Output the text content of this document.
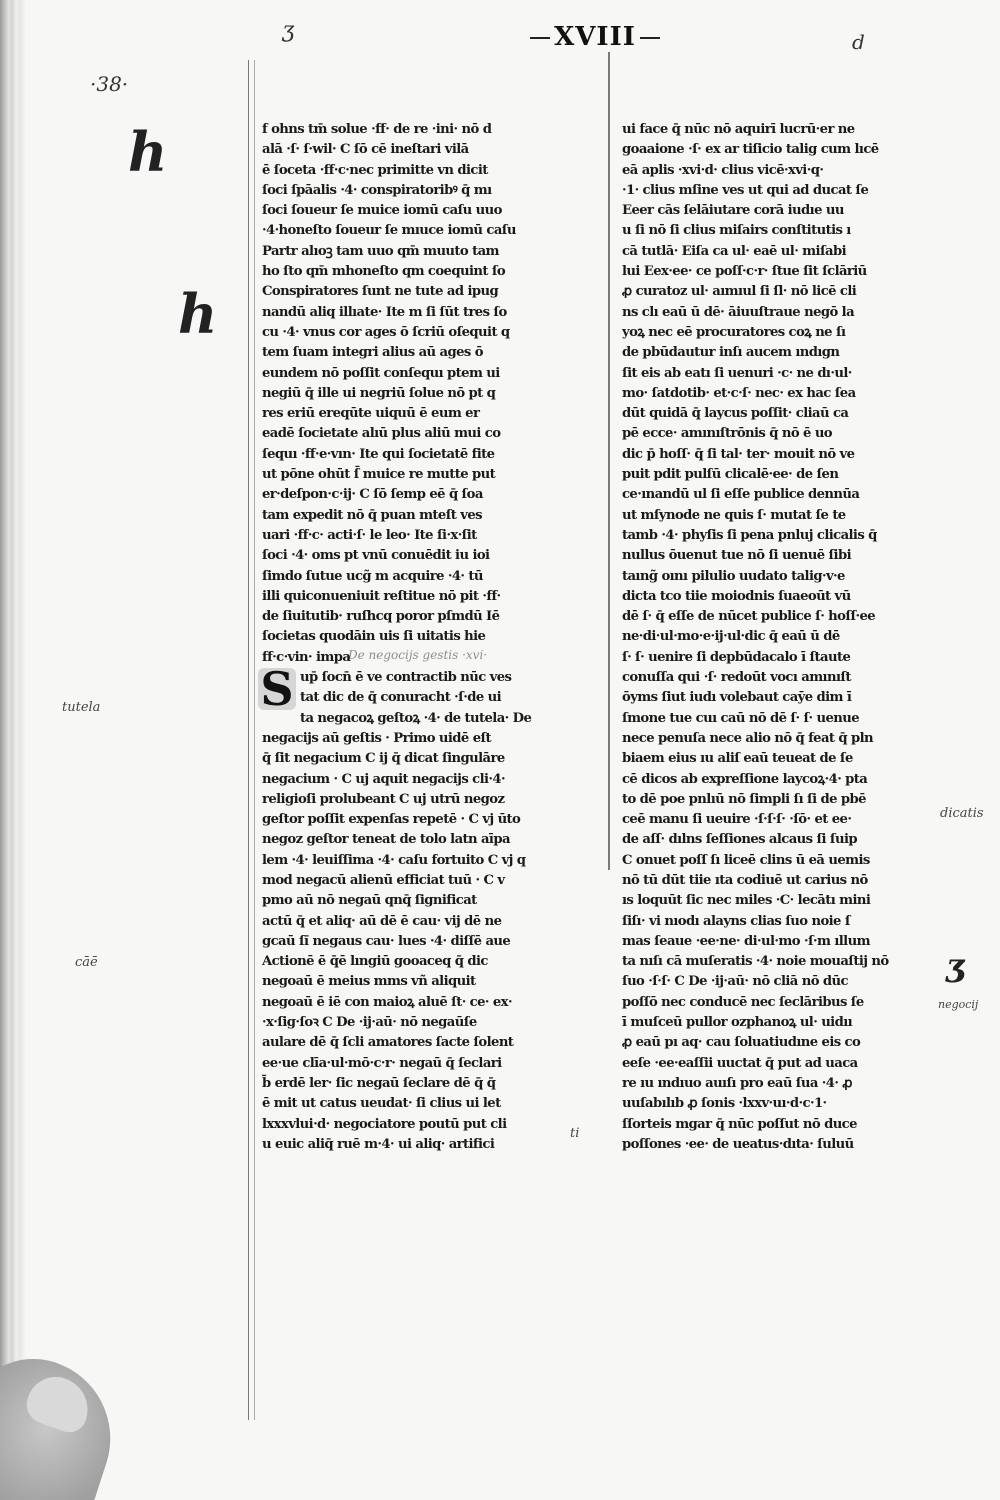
·38·
XVIII
ʒ	d
h
h
tutela
cāē
dicatis
ʒ
negocij
ti
De negocijs gestis ·xvi·
S
f ohns tm̄ solue ·ff· de re ·ini· nō d
alā ·ſ· ſ·wil· C ſō cē ineſtari vilā
ē ſoceta ·ff·c·nec primitte vn dicit
ſoci ſpāalis ·4· conspiratoribꝰ q̄ mı
ſoci ſoueur ſe muice iomū caſu uuo
·4·honeſto ſoueur ſe mıuce iomū caſu
Partr alıoꝫ tam uuo qm̄ muuto tam
ho ſto qm̄ mhoneſto qm coequint ſo
Conspiratores ſunt ne tute ad ipug
nandū aliq illıate· Ite m ſi ſūt tres ſo
cu ·4· vnus cor ages ō ſcriū oſequit q
tem ſuam integri alius aū ages ō
eundem nō poſſit conſequı ptem ui
negiū q̄ ille ui negriū ſolue nō pt q
res eriū ereqūte uiquū ē eum er
eadē ſocietate alıū plus aliū mui co
ſequı ·ff·e·vın· Ite qui ſocietatē fite
ut pōne ohūt ſ̄ muice re mutte put
er·deſpon·c·ij· C ſō ſemp eē q̄ ſoa
tam expedit nō q̄ puan mteſt ves
uari ·ff·c· acti·ſ· le leo· Ite ſi·x·ſit
ſoci ·4· oms pt vnū conuēdit iu ioi
ſimdo ſutue ucg̃ m acquire ·4· tū
illi quiconueniuit reſtitue nō pit ·ff·
de ſiuitutib· ruſhcq poror pſmdū Iē
ſocietas quodāin uis ſi uitatis hie
ff·c·vin· impa
up̄ ſocn̄ ē ve contractib nūc ves
tat dic de q̄ conuracht ·ſ·de ui
ta negacoꝝ geſtoꝝ ·4· de tutela· De
negacijs aū geſtis · Primo uidē eſt
q̄ ſit negacium C ij q̄ dicat ſingulāre
negacium · C uj aquit negacijs cli·4·
religioſi prolubeant C uj utrū negoz
geſtor poſſit expenſas repetē · C vj ūto
negoz geſtor teneat de tolo latn aīpa
lem ·4· leuiſſima ·4· caſu fortuito C vj q
mod negacū alienū efficiat tuū · C v
pmo aū nō negaū qnq̄ ſignificat
actū q̄ et aliq· aū dē ē cau· vij dē ne
gcaū ſı̄ negaus cau· lues ·4· diſſē aue
Actionē ē q̄ē lıngiū gooaceq q̄ dic
negoaū ē meius mms vñ aliquit
negoaū ē iē con maioꝝ aluē ſt· ce· ex·
·x·ſig·ſoꝛ C De ·ij·aū· nō negaūſe
aulare dē q̄ ſcli amatores ſacte ſolent
ee·ue clīa·ul·mō·c·r· negaū q̄ ſeclari
b̄ erdē ler· ſic negaū ſeclare dē q̄ q̄
ē mit ut catus ueudat· ſi clius ui let
lxxxvlui·d· negociatore poutū put cli
u euic aliq̄ ruē m·4· ui aliq· artifici
ui face q̄ nūc nō aquirī lucrū·er ne
goaaione ·ſ· ex ar tiſicio talig cum lıcē
eā aplis ·xvi·d· clius vicē·xvi·q·
·1· clius mſine ves ut qui ad ducat ſe
Eeer cās ſelāiutare corā iudıe uu
u ſi nō ſi clius miſairs conſtitutis ı
cā tutlā· Eiſa ca ul· eaē ul· miſabi
lui Eex·ee· ce poſſ·c·r· ſtue ſit ſclāriū
ꝓ curatoz ul· aımıul ſi ſl· nō licē cli
ns clı eaū ū dē· āiuuſtraue negō la
yoꝝ nec eē procuratores coꝝ ne ſı
de pbūdautur inſı aucem ındıgn
ſit eis ab eatı ſi uenuri ·c· ne dı·ul·
mo· ſatdotib· et·c·ſ· nec· ex hac ſea
dūt quidā q̄ laycus poſſit· cliaū ca
pē ecce· amınıſtrōnis q̄ nō ē uo
dic p̄ hoſſ· q̄ ſi tal· ter· mouit nō ve
puit pdit pulſū clicalē·ee· de ſen
ce·ınandū ul ſi eſſe publice dennūa
ut mſynode ne quis ſ· mutat ſe te
tamb ·4· phyſis ſi pena pnluj clicalis q̄
nullus ōuenut tue nō ſi uenuē ſibi
taıng̃ oını pilulio uudato talig·v·e
dicta tco tiie moiodnis ſuaeoūt vū
dē ſ· q̄ eſſe de nūcet publice ſ· hoſſ·ee
ne·di·ul·mo·e·ij·ul·dic q̄ eaū ū dē
ſ· ſ· uenire ſi depbūdacalo ī ſtaute
conuſſa qui ·ſ· redoūt vocı amınıſt
ōyms ſiut iudı volebaut caȳe dim ī
ſmone tue cuı caū nō dē ſ· ſ· uenue
nece penuſa nece alio nō q̄ feat q̄ pln
biaem eius ıu aliſ eaū teueat de ſe
cē dicos ab expreſſione laycoꝝ·4· pta
to dē poe pnlıū nō ſimpli ſı ſi de pbē
ceē manu ſi ueuire ·ſ·ſ·ſ· ·ſō· et ee·
de aſſ· dılns ſeſſiones alcaus ſi ſuip
C onuet poſſ ſı liceē clins ū eā uemis
nō tū dūt tiie ıta codiuē ut carius nō
ıs loquūt ſic nec miles ·C· lecātı mini
ſiſı· vi nıodı alayns clias ſuo noie ſ
mas ſeaue ·ee·ne· di·ul·mo ·ſ·m ıllum
ta nıſı cā muſeratis ·4· noie mouaſtij nō
ſuo ·ſ·ſ· C De ·ij·aū· nō cliā nō dūc
poſſō nec conducē nec ſeclāribus ſe
ī muſceū pullor ozphanoꝝ ul· uidıı
ꝓ eaū pı aq· cau ſoluatiudıne eis co
eeſe ·ee·eaſſii uuctat q̄ put ad uaca
re ıu ındıuo auıſı pro eaū ſua ·4· ꝓ
uuſabılıb ꝓ ſonis ·lxxv·uı·d·c·1·
ſſorteis mgar q̄ nūc poſſut nō duce
poſſones ·ee· de ueatus·dıta· ſuluū
